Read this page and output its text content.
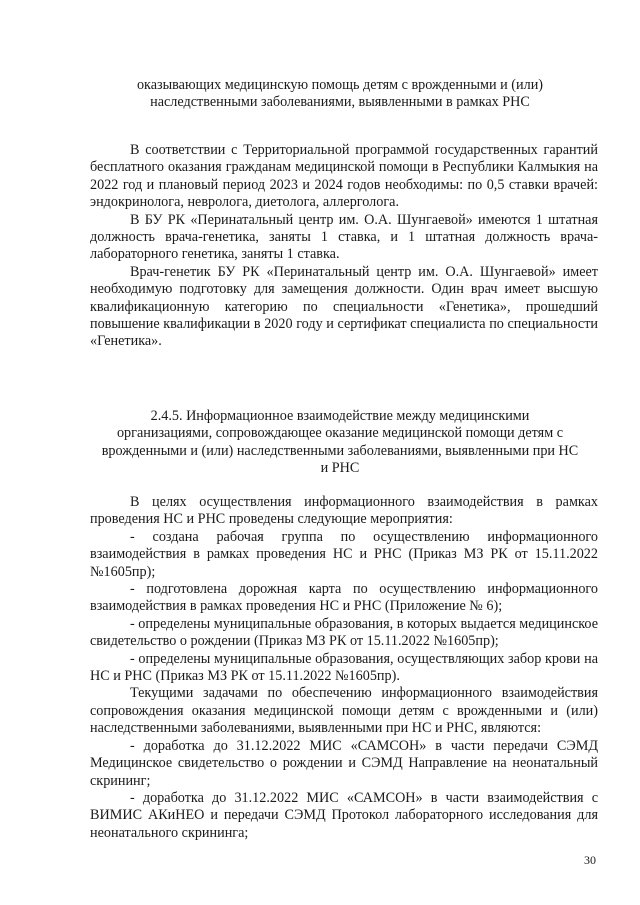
оказывающих медицинскую помощь детям с врожденными и (или)

наследственными заболеваниями, выявленными в рамках РНС

В соответствии с Территориальной программой государственных гарантий бесплатного оказания гражданам медицинской помощи в Республики Калмыкия на 2022 год и плановый период 2023 и 2024 годов необходимы: по 0,5 ставки врачей: эндокринолога, невролога, диетолога, аллерголога.

В БУ РК «Перинатальный центр им. О.А. Шунгаевой» имеются 1 штатная должность врача-генетика, заняты 1 ставка, и 1 штатная должность врача-лабораторного генетика, заняты 1 ставка.

Врач-генетик БУ РК «Перинатальный центр им. О.А. Шунгаевой» имеет необходимую подготовку для замещения должности. Один врач имеет высшую квалификационную категорию по специальности «Генетика», прошедший повышение квалификации в 2020 году и сертификат специалиста по специальности «Генетика».

2.4.5. Информационное взаимодействие между медицинскими

организациями, сопровождающее оказание медицинской помощи детям с

врожденными и (или) наследственными заболеваниями, выявленными при НС

и РНС

В целях осуществления информационного взаимодействия в рамках проведения НС и РНС проведены следующие мероприятия:

- создана рабочая группа по осуществлению информационного взаимодействия в рамках проведения НС и РНС (Приказ МЗ РК от 15.11.2022 №1605пр);

- подготовлена дорожная карта по осуществлению информационного взаимодействия в рамках проведения НС и РНС (Приложение № 6);

- определены муниципальные образования, в которых выдается медицинское свидетельство о рождении (Приказ МЗ РК от 15.11.2022 №1605пр);

- определены муниципальные образования, осуществляющих забор крови на НС и РНС (Приказ МЗ РК от 15.11.2022 №1605пр).

Текущими задачами по обеспечению информационного взаимодействия сопровождения оказания медицинской помощи детям с врожденными и (или) наследственными заболеваниями, выявленными при НС и РНС, являются:

- доработка до 31.12.2022 МИС «САМСОН» в части передачи СЭМД Медицинское свидетельство о рождении и СЭМД Направление на неонатальный скрининг;

- доработка до 31.12.2022 МИС «САМСОН» в части взаимодействия с ВИМИС АКиНЕО и передачи СЭМД Протокол лабораторного исследования для неонатального скрининга;

30
